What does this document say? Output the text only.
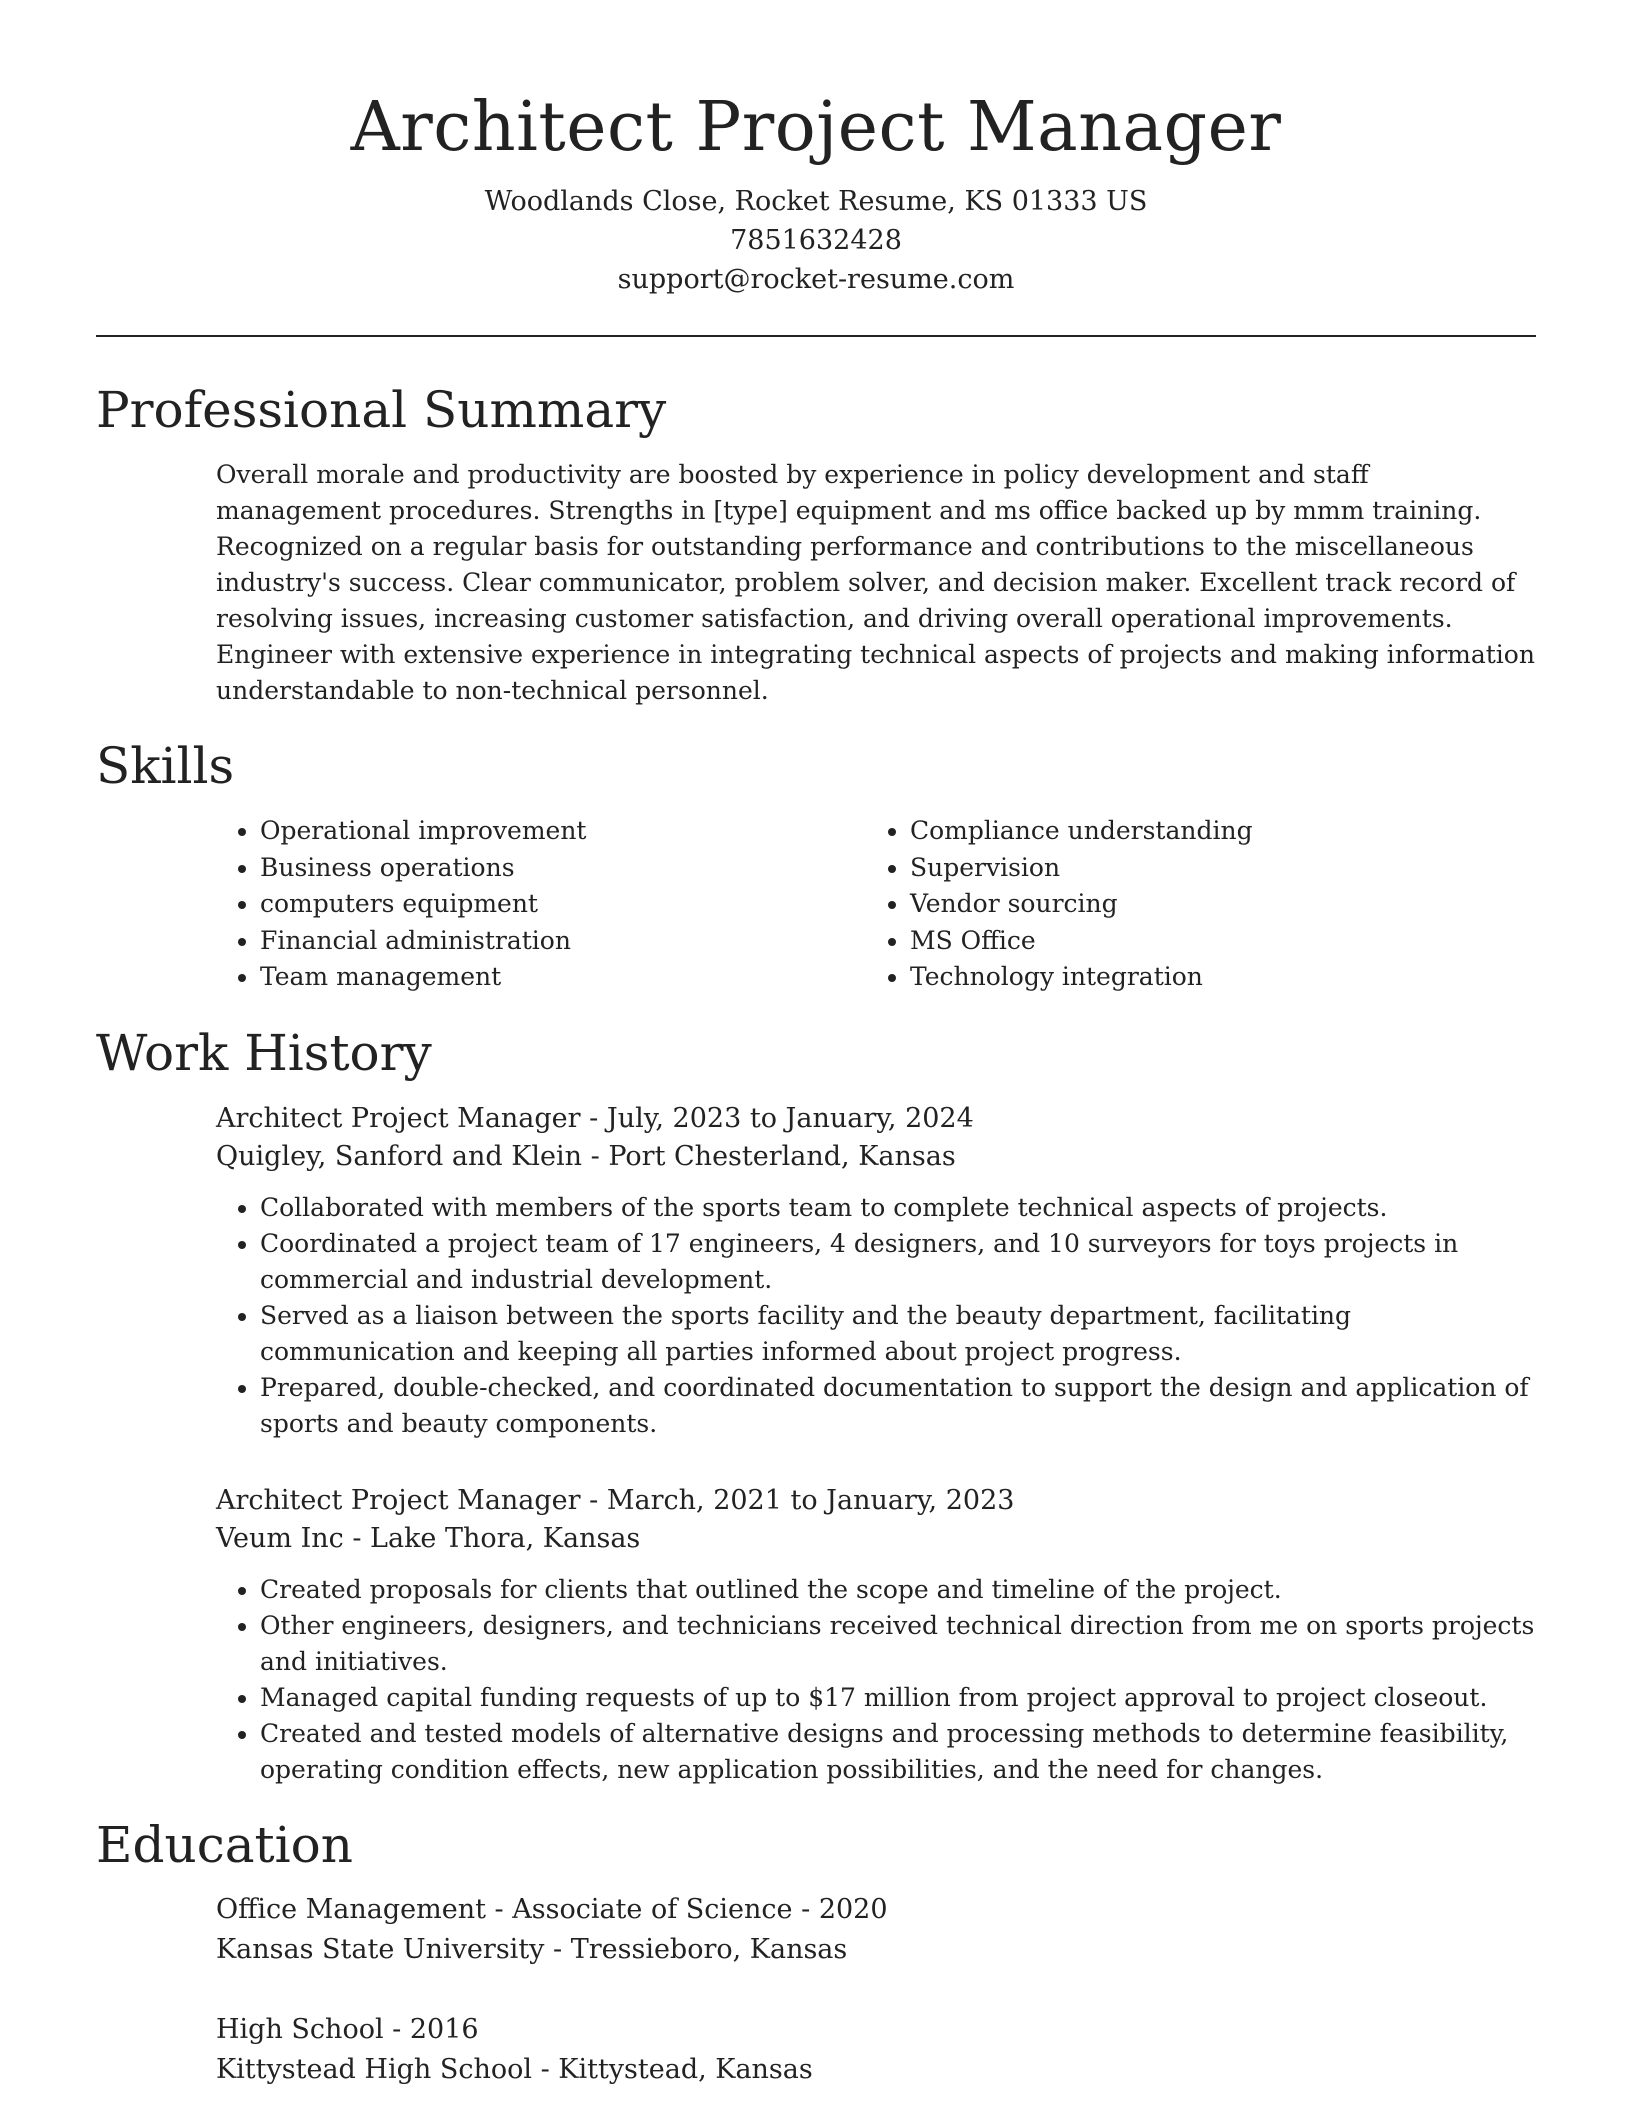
Architect Project Manager

Woodlands Close, Rocket Resume, KS 01333 US

7851632428

support@rocket-resume.com

Professional Summary

Overall morale and productivity are boosted by experience in policy development and staff management procedures. Strengths in [type] equipment and ms office backed up by mmm training. Recognized on a regular basis for outstanding performance and contributions to the miscellaneous industry's success. Clear communicator, problem solver, and decision maker. Excellent track record of resolving issues, increasing customer satisfaction, and driving overall operational improvements. Engineer with extensive experience in integrating technical aspects of projects and making information understandable to non-technical personnel.

Skills
• Operational improvement
• Business operations
• computers equipment
• Financial administration
• Team management
• Compliance understanding
• Supervision
• Vendor sourcing
• MS Office
• Technology integration
Work History

Architect Project Manager - July, 2023 to January, 2024

Quigley, Sanford and Klein - Port Chesterland, Kansas

• Collaborated with members of the sports team to complete technical aspects of projects.
• Coordinated a project team of 17 engineers, 4 designers, and 10 surveyors for toys projects in commercial and industrial development.
• Served as a liaison between the sports facility and the beauty department, facilitating communication and keeping all parties informed about project progress.
• Prepared, double-checked, and coordinated documentation to support the design and application of sports and beauty components.

Architect Project Manager - March, 2021 to January, 2023

Veum Inc - Lake Thora, Kansas

• Created proposals for clients that outlined the scope and timeline of the project.
• Other engineers, designers, and technicians received technical direction from me on sports projects and initiatives.
• Managed capital funding requests of up to $17 million from project approval to project closeout.
• Created and tested models of alternative designs and processing methods to determine feasibility, operating condition effects, new application possibilities, and the need for changes.
Education

Office Management - Associate of Science - 2020

Kansas State University - Tressieboro, Kansas

High School - 2016

Kittystead High School - Kittystead, Kansas
